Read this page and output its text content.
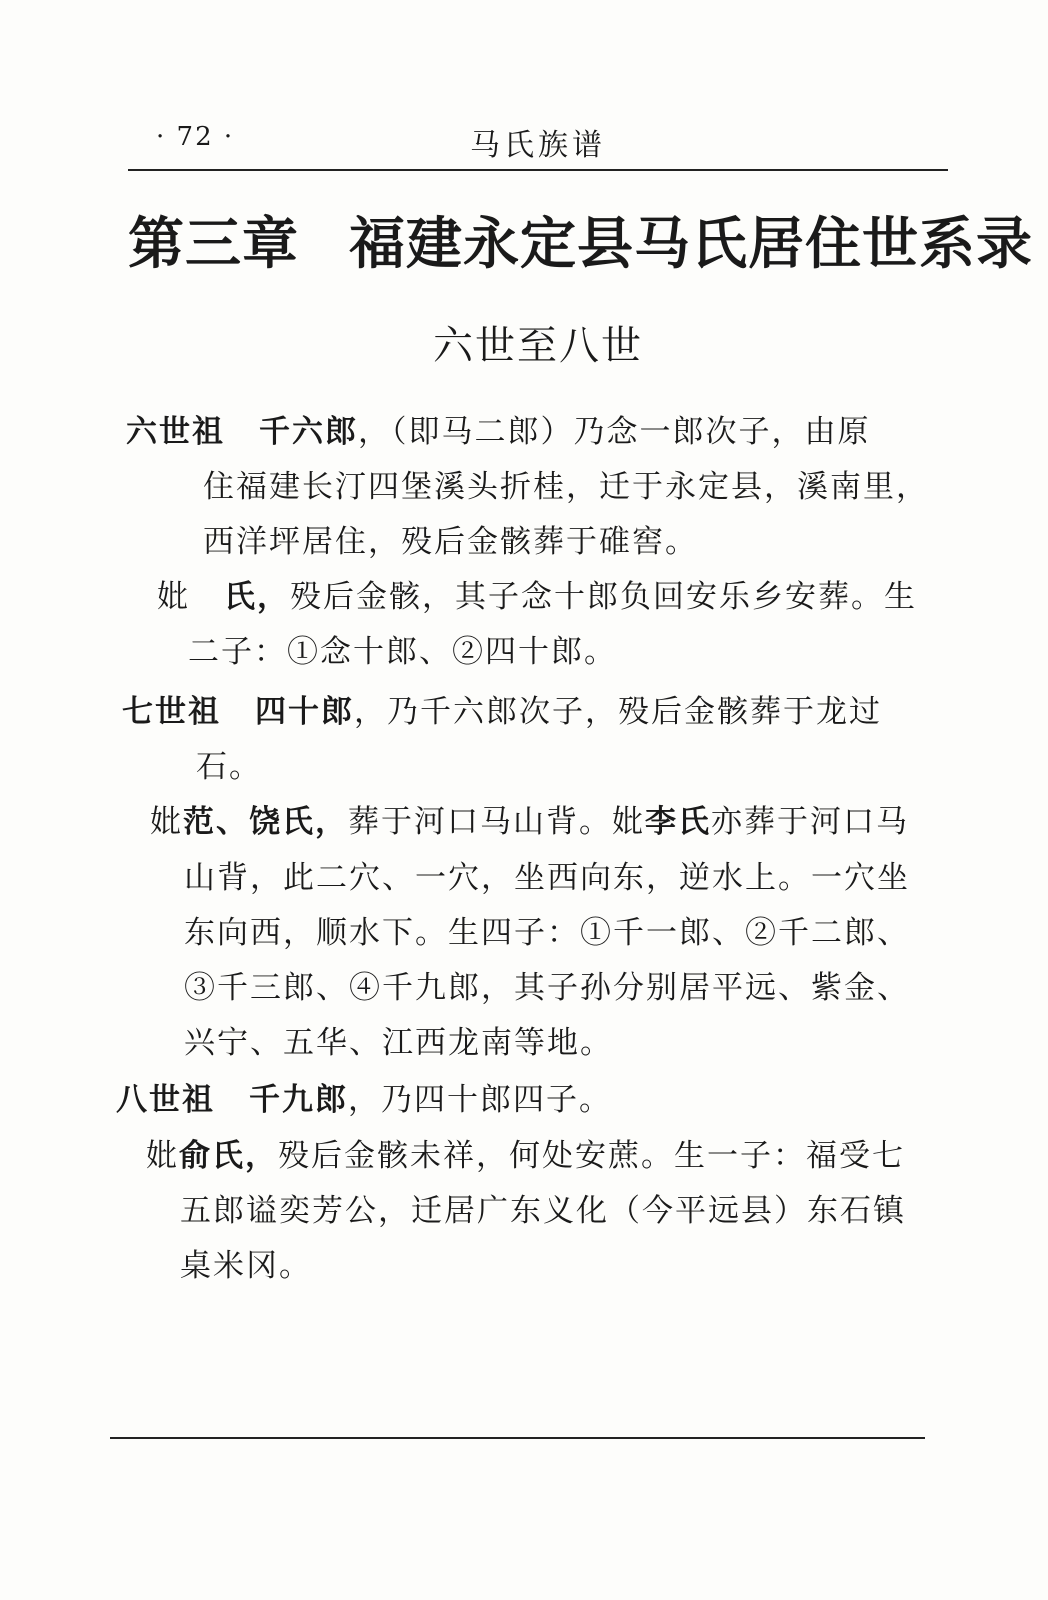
· 72 ·	马氏族谱
第三章 福建永定县马氏居住世系录
六世至八世
六世祖 千六郎，（即马二郎）乃念一郎次子，由原
住福建长汀四堡溪头折桂，迁于永定县，溪南里，
西洋坪居住，殁后金骸葬于碓窖。
妣 氏，殁后金骸，其子念十郎负回安乐乡安葬。生
二子：①念十郎、②四十郎。
七世祖 四十郎，乃千六郎次子，殁后金骸葬于龙过
石。
妣范、饶氏，葬于河口马山背。妣李氏亦葬于河口马
山背，此二穴、一穴，坐西向东，逆水上。一穴坐
东向西，顺水下。生四子：①千一郎、②千二郎、
③千三郎、④千九郎，其子孙分别居平远、紫金、
兴宁、五华、江西龙南等地。
八世祖 千九郎，乃四十郎四子。
妣俞氏，殁后金骸未祥，何处安蔗。生一子：福受七
五郎谥奕芳公，迁居广东义化（今平远县）东石镇
桌米冈。
